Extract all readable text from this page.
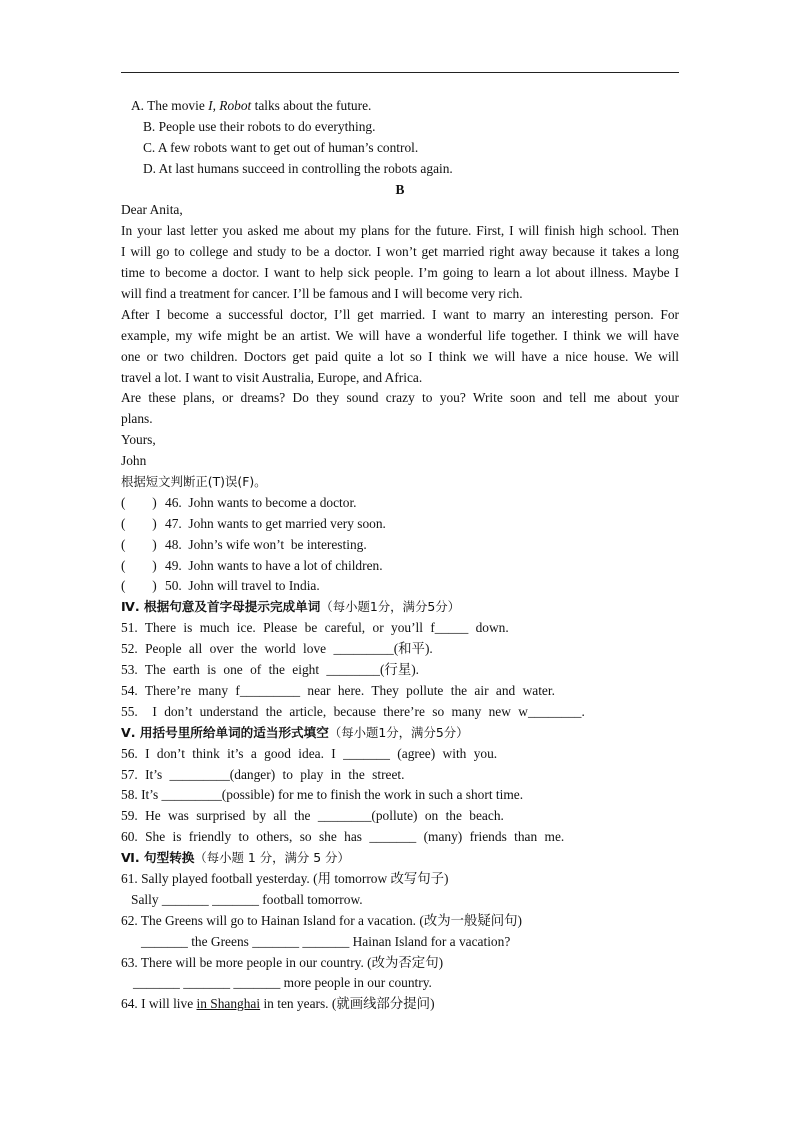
A. The movie I, Robot talks about the future.
B. People use their robots to do everything.
C. A few robots want to get out of human’s control.
D. At last humans succeed in controlling the robots again.
B
Dear Anita,
In your last letter you asked me about my plans for the future. First, I will finish high school. Then
I will go to college and study to be a doctor. I won’t get married right away because it takes a long
time to become a doctor. I want to help sick people. I’m going to learn a lot about illness. Maybe I
will find a treatment for cancer. I’ll be famous and I will become very rich.
After I become a successful doctor, I’ll get married. I want to marry an interesting person. For
example, my wife might be an artist. We will have a wonderful life together. I think we will have
one or two children. Doctors get paid quite a lot so I think we will have a nice house. We will
travel a lot. I want to visit Australia, Europe, and Africa.
Are these plans, or dreams? Do they sound crazy to you? Write soon and tell me about your
plans.
Yours,
John
根据短文判断正(T)误(F)。
(        ) 46.  John wants to become a doctor.
(        ) 47.  John wants to get married very soon.
(        ) 48.  John’s wife won’t  be interesting.
(        ) 49.  John wants to have a lot of children.
(        ) 50.  John will travel to India.
Ⅳ. 根据句意及首字母提示完成单词（每小题1分，满分5分）
51. There is much ice. Please be careful, or you’ll f_____ down.
52. People all over the world love _________(和平).
53. The earth is one of the eight ________(行星).
54. There’re many f_________ near here. They pollute the air and water.
55.  I don’t understand the article, because there’re so many new w________.
Ⅴ. 用括号里所给单词的适当形式填空（每小题1分，满分5分）
56. I don’t think it’s a good idea. I _______ (agree) with you.
57. It’s _________(danger) to play in the street.
58. It’s _________(possible) for me to finish the work in such a short time.
59. He was surprised by all the ________(pollute) on the beach.
60. She is friendly to others, so she has _______ (many) friends than me.
Ⅵ. 句型转换（每小题 1 分，满分 5 分）
61. Sally played football yesterday. (用 tomorrow 改写句子)
Sally _______ _______ football tomorrow.
62. The Greens will go to Hainan Island for a vacation. (改为一般疑问句)
_______ the Greens _______ _______ Hainan Island for a vacation?
63. There will be more people in our country. (改为否定句)
_______ _______ _______ more people in our country.
64. I will live in Shanghai in ten years. (就画线部分提问)
